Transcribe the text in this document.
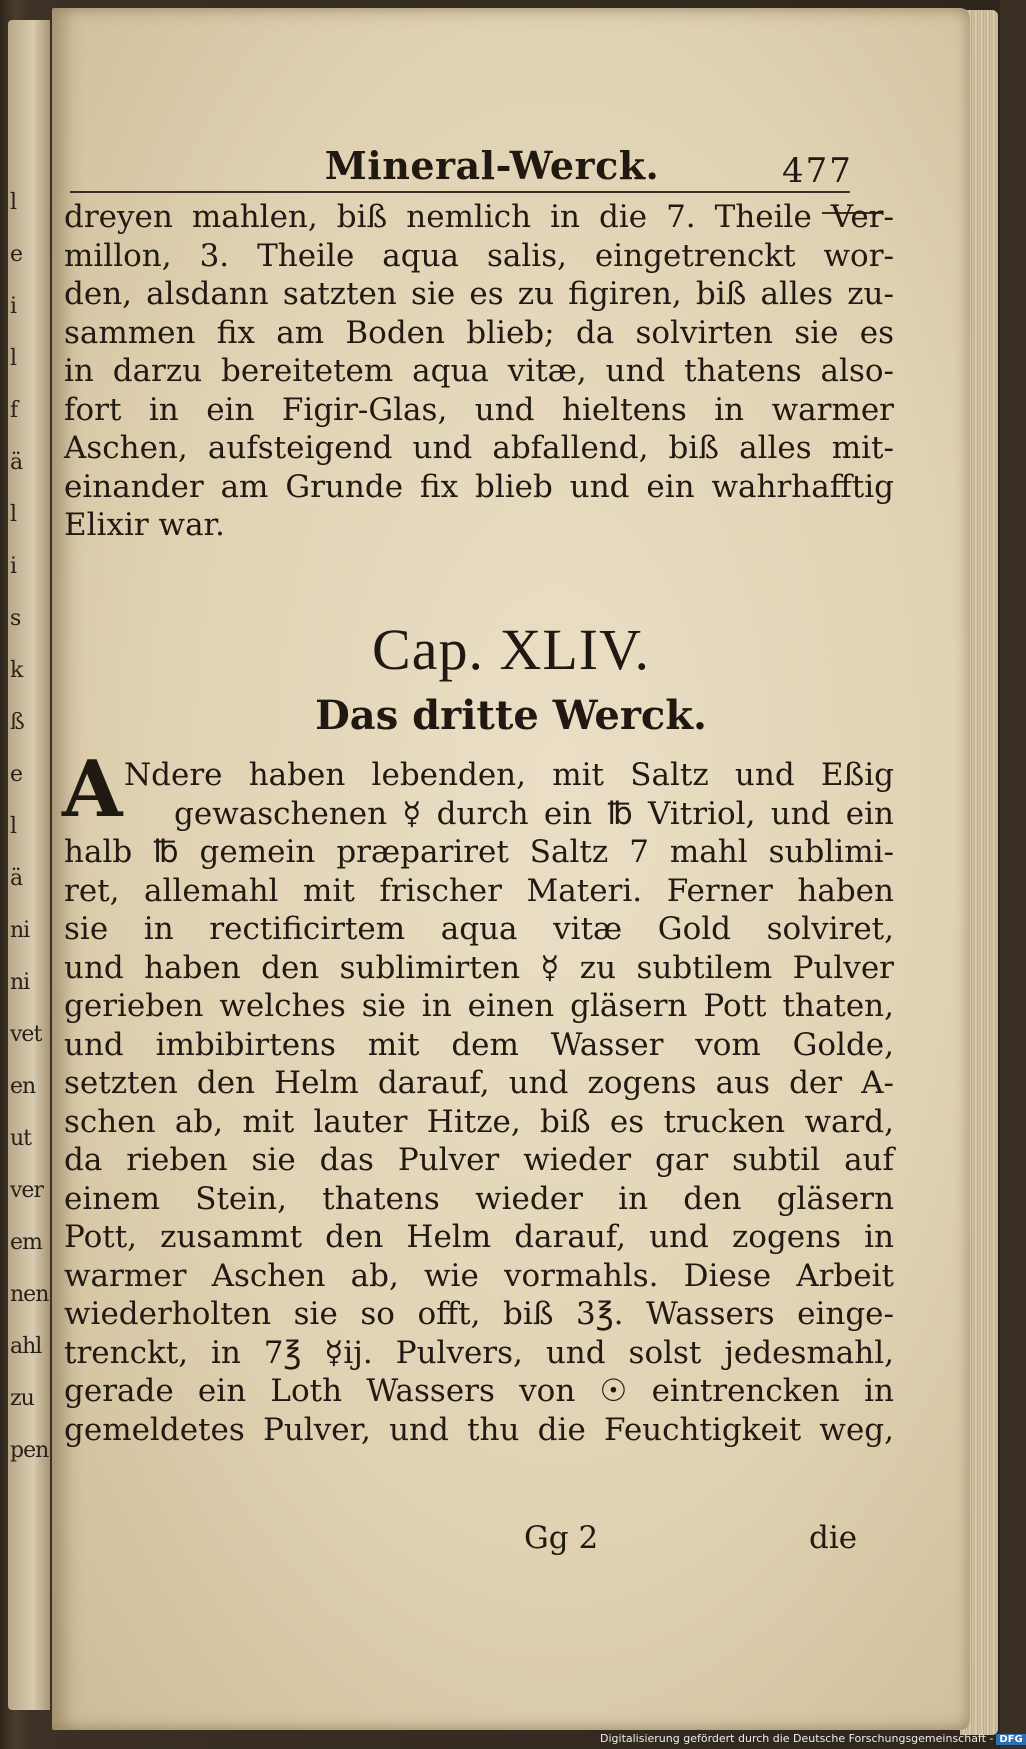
l
e
i
l
f
ä
l
i
s
k
ß
e
l
ä
ni
ni
vet
en
ut
ver
em
nen
ahl
zu
pen
Mineral-Werck.	477
dreyen mahlen, biß nemlich in die 7. Theile Ver-
millon, 3. Theile aqua salis, eingetrenckt wor-
den, alsdann satzten sie es zu figiren, biß alles zu-
sammen fix am Boden blieb; da solvirten sie es
in darzu bereitetem aqua vitæ, und thatens also-
fort in ein Figir-Glas, und hieltens in warmer
Aschen, aufsteigend und abfallend, biß alles mit-
einander am Grunde fix blieb und ein wahrhafftig
Elixir war.
Cap. XLIV.
Das dritte Werck.
A Ndere haben lebenden, mit Saltz und Eßig
gewaschenen ☿ durch ein ℔ Vitriol, und ein
halb ℔ gemein præpariret Saltz 7 mahl sublimi-
ret, allemahl mit frischer Materi. Ferner haben
sie in rectificirtem aqua vitæ Gold solviret,
und haben den sublimirten ☿ zu subtilem Pulver
gerieben welches sie in einen gläsern Pott thaten,
und imbibirtens mit dem Wasser vom Golde,
setzten den Helm darauf, und zogens aus der A-
schen ab, mit lauter Hitze, biß es trucken ward,
da rieben sie das Pulver wieder gar subtil auf
einem Stein, thatens wieder in den gläsern
Pott, zusammt den Helm darauf, und zogens in
warmer Aschen ab, wie vormahls. Diese Arbeit
wiederholten sie so offt, biß 3℥. Wassers einge-
trenckt, in 7℥ ☿ij. Pulvers, und solst jedesmahl,
gerade ein Loth Wassers von ☉ eintrencken in
gemeldetes Pulver, und thu die Feuchtigkeit weg,
Gg 2	die
Digitalisierung gefördert durch die Deutsche Forschungsgemeinschaft - DFG
